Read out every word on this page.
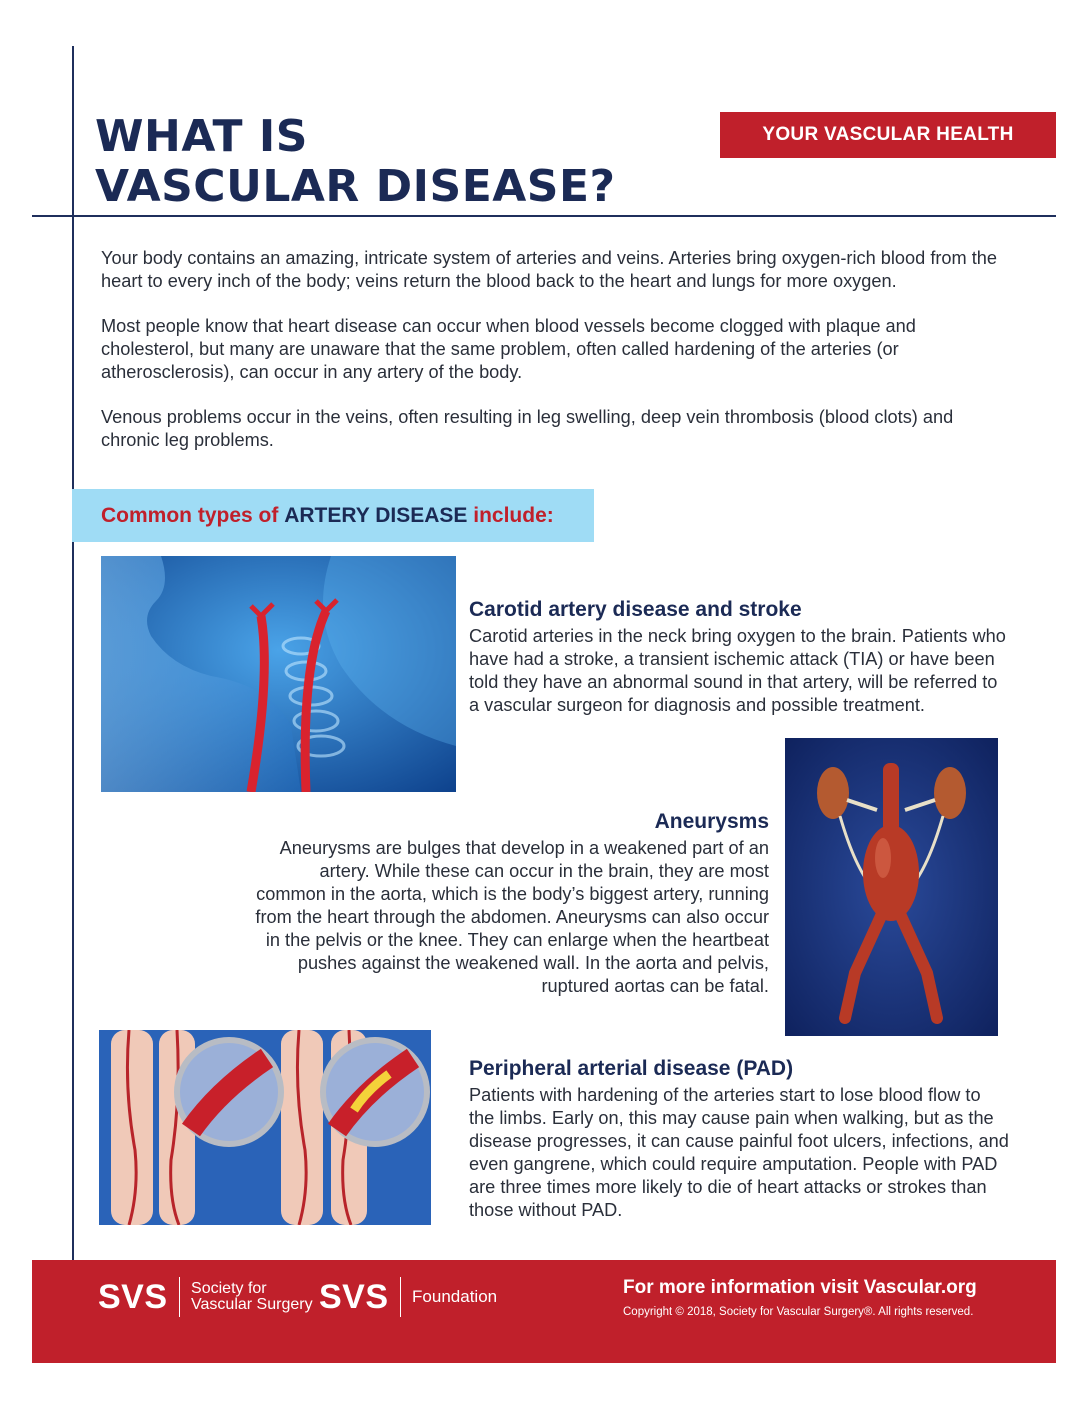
WHAT IS
VASCULAR DISEASE?
YOUR VASCULAR HEALTH

Your body contains an amazing, intricate system of arteries and veins. Arteries bring oxygen-rich blood from the heart to every inch of the body; veins return the blood back to the heart and lungs for more oxygen.

Most people know that heart disease can occur when blood vessels become clogged with plaque and cholesterol, but many are unaware that the same problem, often called hardening of the arteries (or atherosclerosis), can occur in any artery of the body.

Venous problems occur in the veins, often resulting in leg swelling, deep vein thrombosis (blood clots) and chronic leg problems.

Common types of
ARTERY DISEASE
include:
Carotid artery disease and stroke

Carotid arteries in the neck bring oxygen to the brain. Patients who have had a stroke, a transient ischemic attack (TIA) or have been told they have an abnormal sound in that artery, will be referred to a vascular surgeon for diagnosis and possible treatment.

Aneurysms

Aneurysms are bulges that develop in a weakened part of an artery. While these can occur in the brain, they are most common in the aorta, which is the body’s biggest artery, running from the heart through the abdomen. Aneurysms can also occur in the pelvis or the knee. They can enlarge when the heartbeat pushes against the weakened wall. In the aorta and pelvis, ruptured aortas can be fatal.

Peripheral arterial disease (PAD)

Patients with hardening of the arteries start to lose blood flow to the limbs. Early on, this may cause pain when walking, but as the disease progresses, it can cause painful foot ulcers, infections, and even gangrene, which could require amputation. People with PAD are three times more likely to die of heart attacks or strokes than those without PAD.

SVS Society for
Vascular Surgery SVS Foundation	For more information visit Vascular.org
Copyright © 2018, Society for Vascular Surgery®. All rights reserved.
